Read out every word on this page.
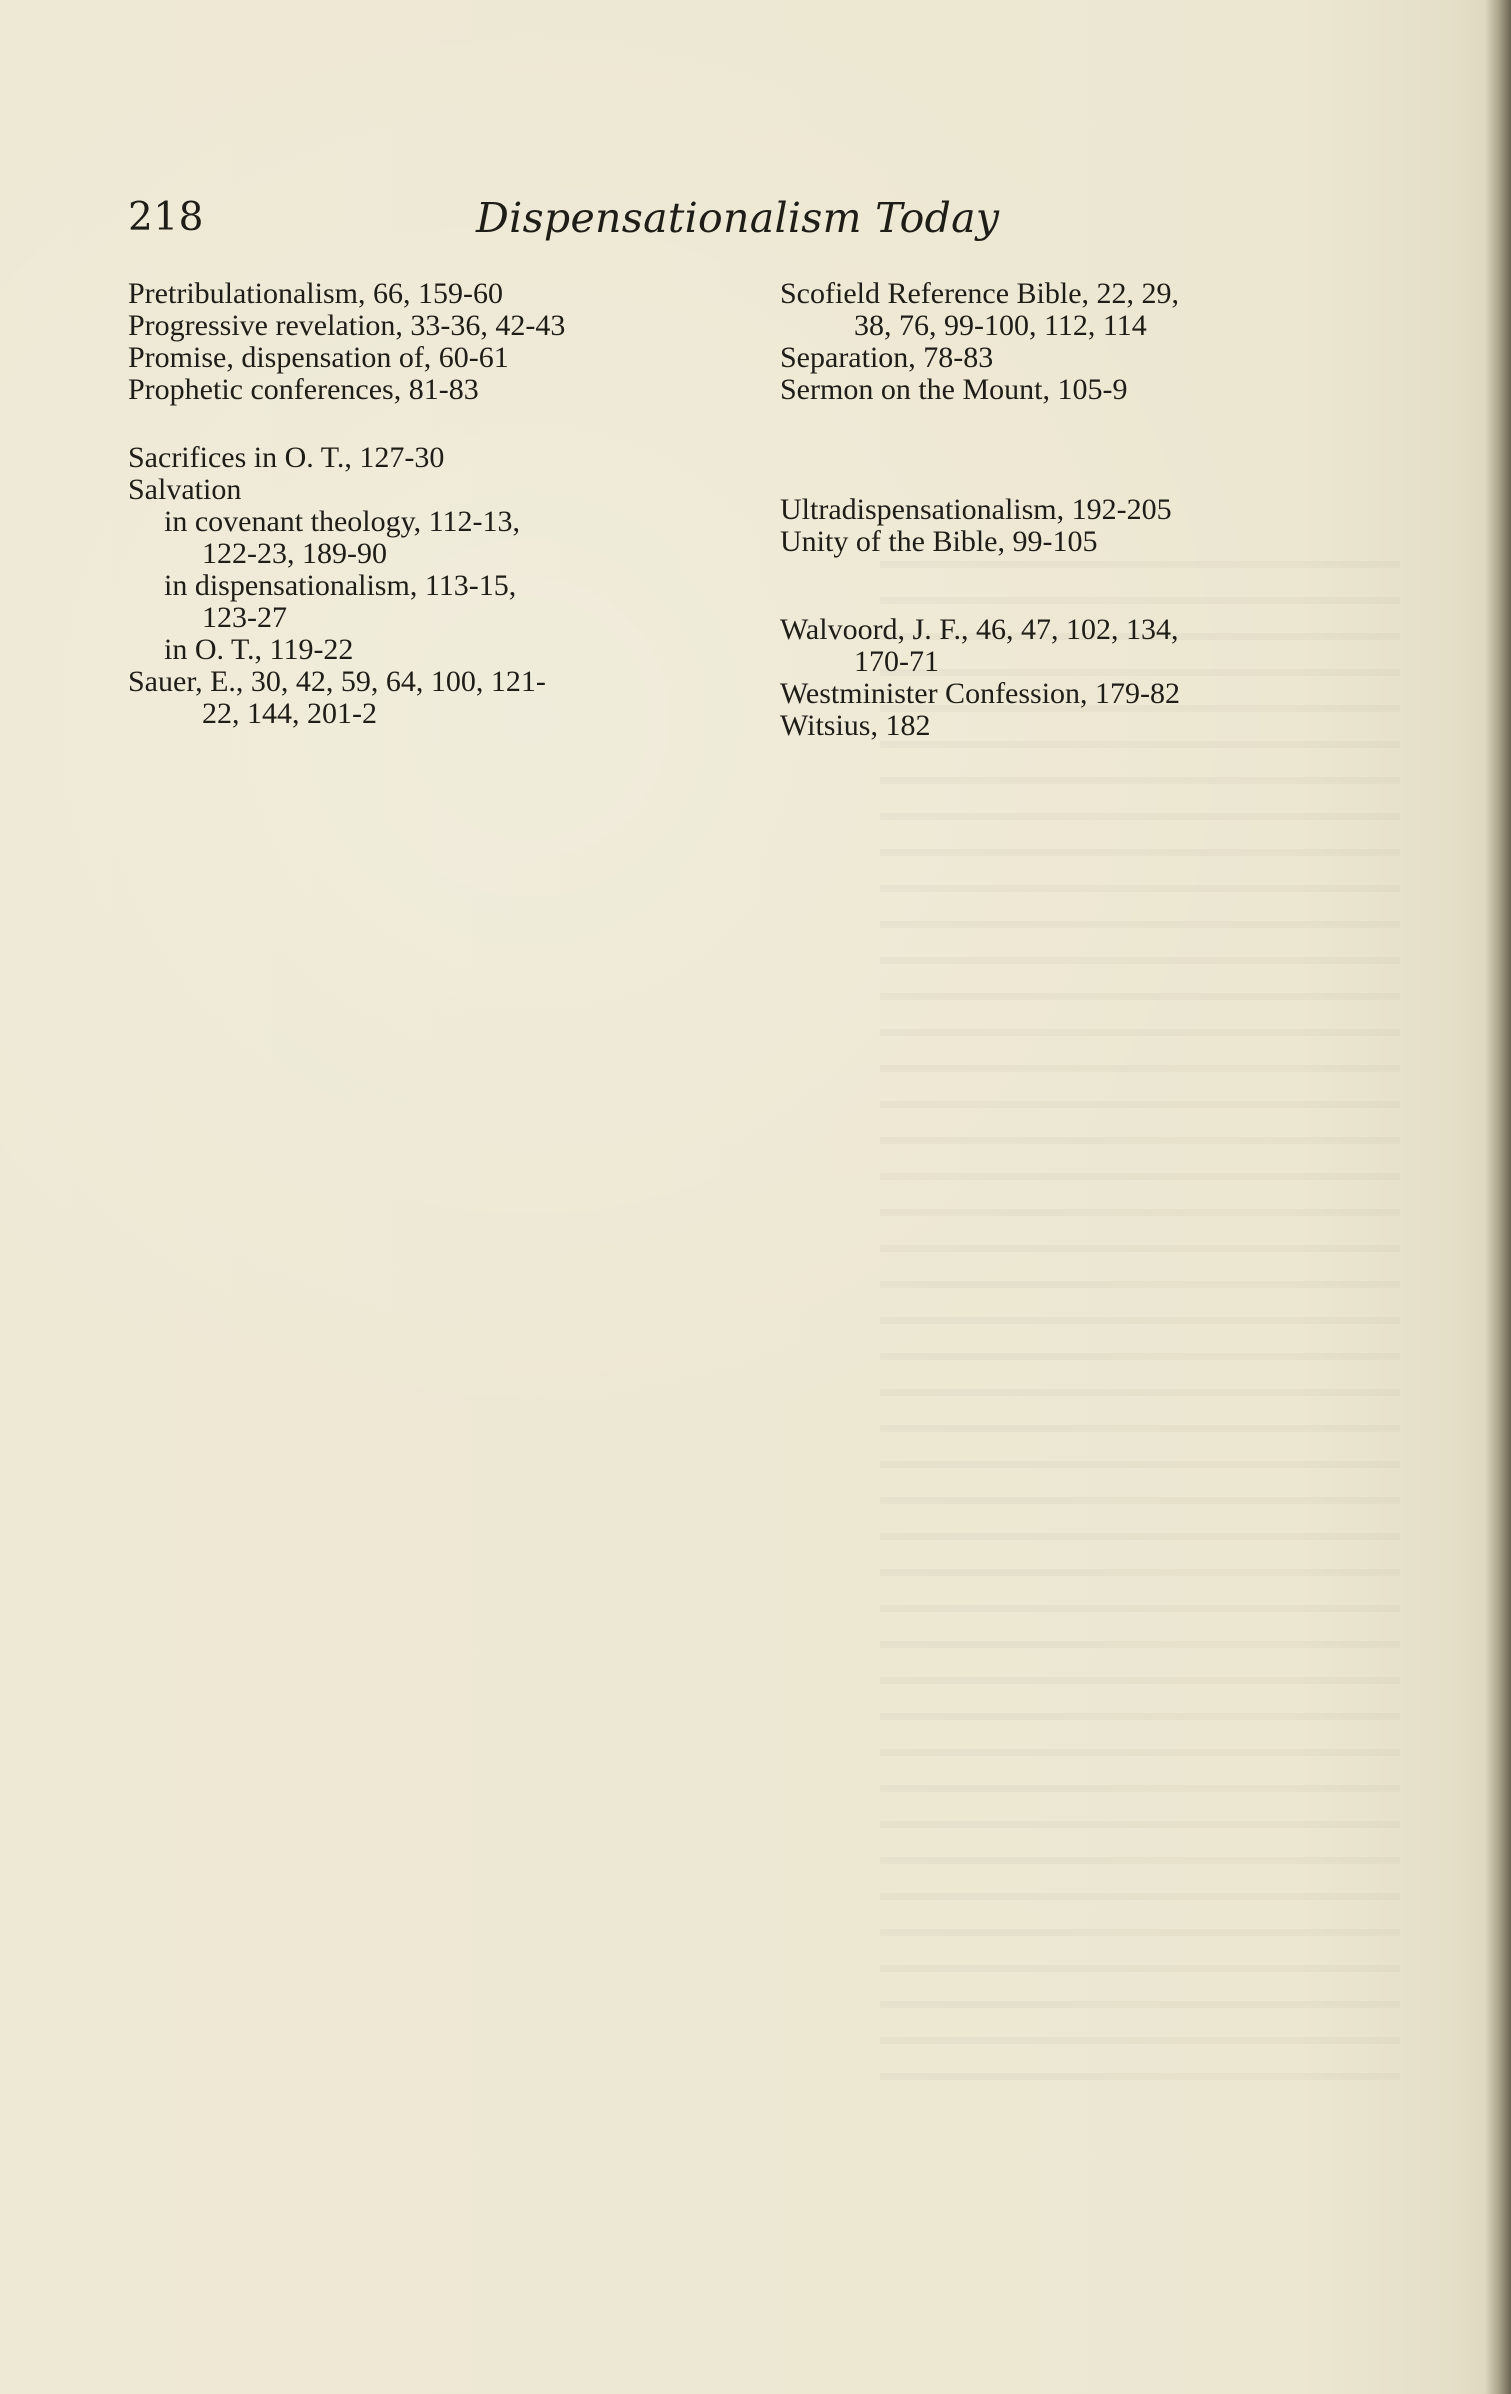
218	Dispensationalism Today
Pretribulationalism, 66, 159-60
Progressive revelation, 33-36, 42-43
Promise, dispensation of, 60-61
Prophetic conferences, 81-83
Sacrifices in O. T., 127-30
Salvation
in covenant theology, 112-13,
122-23, 189-90
in dispensationalism, 113-15,
123-27
in O. T., 119-22
Sauer, E., 30, 42, 59, 64, 100, 121-
22, 144, 201-2
Scofield Reference Bible, 22, 29,
38, 76, 99-100, 112, 114
Separation, 78-83
Sermon on the Mount, 105-9
Ultradispensationalism, 192-205
Unity of the Bible, 99-105
Walvoord, J. F., 46, 47, 102, 134,
170-71
Westminister Confession, 179-82
Witsius, 182
